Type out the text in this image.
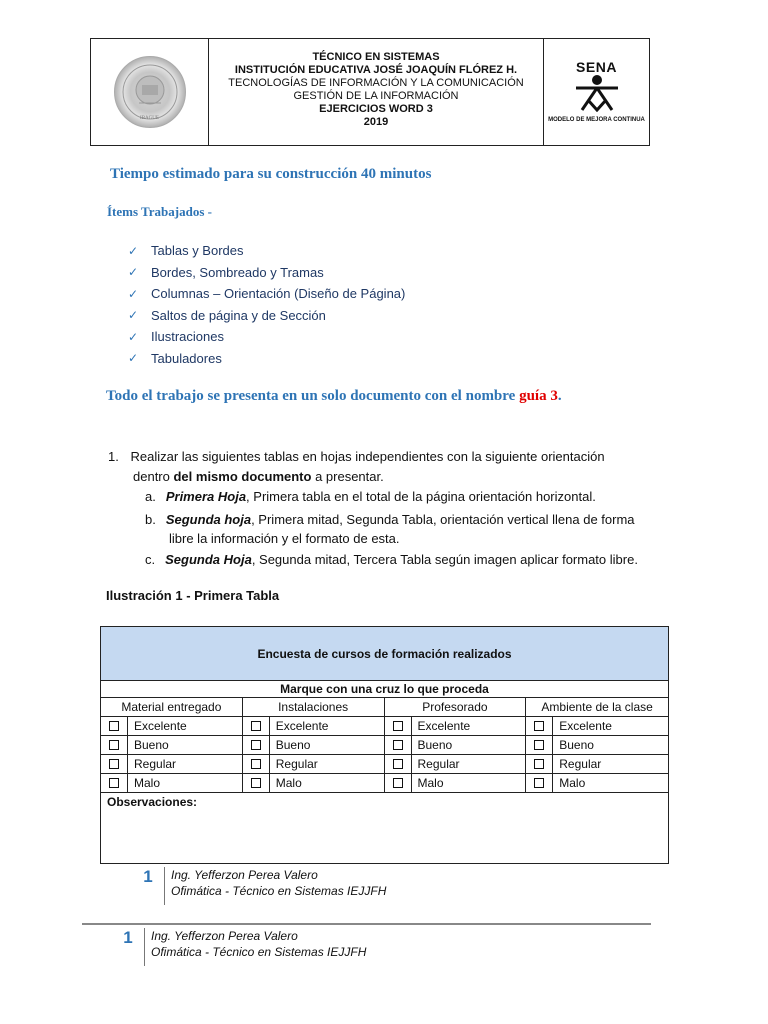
IBAGUE
TÉCNICO EN SISTEMAS
INSTITUCIÓN EDUCATIVA JOSÉ JOAQUÍN FLÓREZ H.
TECNOLOGÍAS DE INFORMACIÓN Y LA COMUNICACIÓN
GESTIÓN DE LA INFORMACIÓN
EJERCICIOS WORD 3
2019
SENA
MODELO DE MEJORA CONTINUA
Tiempo estimado para su construcción 40 minutos
Ítems Trabajados -
✓ Tablas y Bordes
✓ Bordes, Sombreado y Tramas
✓ Columnas – Orientación (Diseño de Página)
✓ Saltos de página y de Sección
✓ Ilustraciones
✓ Tabuladores
Todo el trabajo se presenta en un solo documento con el nombre guía 3.
1. Realizar las siguientes tablas en hojas independientes con la siguiente orientación
dentro del mismo documento a presentar.
a. Primera Hoja, Primera tabla en el total de la página orientación horizontal.
b. Segunda hoja, Primera mitad, Segunda Tabla, orientación vertical llena de forma
libre la información y el formato de esta.
c. Segunda Hoja, Segunda mitad, Tercera Tabla según imagen aplicar formato libre.
Ilustración 1 - Primera Tabla
Encuesta de cursos de formación realizados
Marque con una cruz lo que proceda
Material entregado
Excelente
Bueno
Regular
Malo
Instalaciones
Excelente
Bueno
Regular
Malo
Profesorado
Excelente
Bueno
Regular
Malo
Ambiente de la clase
Excelente
Bueno
Regular
Malo
Observaciones:
1	Ing. Yefferzon Perea Valero
Ofimática - Técnico en Sistemas IEJJFH
1	Ing. Yefferzon Perea Valero
Ofimática - Técnico en Sistemas IEJJFH
